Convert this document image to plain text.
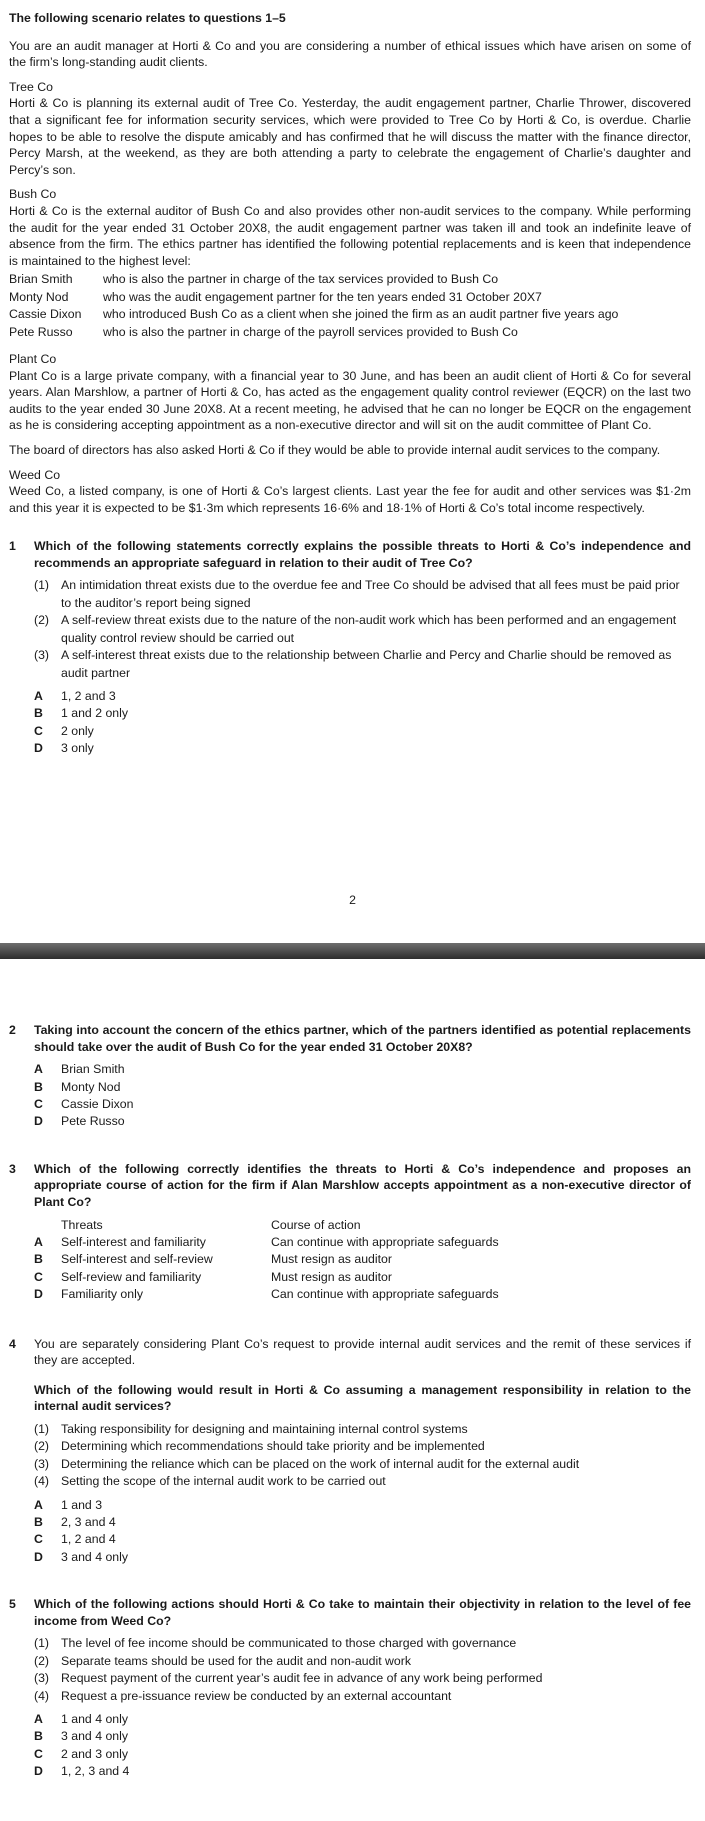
The following scenario relates to questions 1–5

You are an audit manager at Horti & Co and you are considering a number of ethical issues which have arisen on some of the firm’s long-standing audit clients.

Tree Co

Horti & Co is planning its external audit of Tree Co. Yesterday, the audit engagement partner, Charlie Thrower, discovered that a significant fee for information security services, which were provided to Tree Co by Horti & Co, is overdue. Charlie hopes to be able to resolve the dispute amicably and has confirmed that he will discuss the matter with the finance director, Percy Marsh, at the weekend, as they are both attending a party to celebrate the engagement of Charlie’s daughter and Percy’s son.

Bush Co

Horti & Co is the external auditor of Bush Co and also provides other non-audit services to the company. While performing the audit for the year ended 31 October 20X8, the audit engagement partner was taken ill and took an indefinite leave of absence from the firm. The ethics partner has identified the following potential replacements and is keen that independence is maintained to the highest level:

Brian Smith	who is also the partner in charge of the tax services provided to Bush Co
Monty Nod	who was the audit engagement partner for the ten years ended 31 October 20X7
Cassie Dixon	who introduced Bush Co as a client when she joined the firm as an audit partner five years ago
Pete Russo	who is also the partner in charge of the payroll services provided to Bush Co

Plant Co

Plant Co is a large private company, with a financial year to 30 June, and has been an audit client of Horti & Co for several years. Alan Marshlow, a partner of Horti & Co, has acted as the engagement quality control reviewer (EQCR) on the last two audits to the year ended 30 June 20X8. At a recent meeting, he advised that he can no longer be EQCR on the engagement as he is considering accepting appointment as a non-executive director and will sit on the audit committee of Plant Co.

The board of directors has also asked Horti & Co if they would be able to provide internal audit services to the company.

Weed Co

Weed Co, a listed company, is one of Horti & Co’s largest clients. Last year the fee for audit and other services was $1·2m and this year it is expected to be $1·3m which represents 16·6% and 18·1% of Horti & Co’s total income respectively.

1	Which of the following statements correctly explains the possible threats to Horti & Co’s independence and recommends an appropriate safeguard in relation to their audit of Tree Co?

(1) An intimidation threat exists due to the overdue fee and Tree Co should be advised that all fees must be paid prior to the auditor’s report being signed
(2) A self-review threat exists due to the nature of the non-audit work which has been performed and an engagement quality control review should be carried out
(3) A self-interest threat exists due to the relationship between Charlie and Percy and Charlie should be removed as audit partner
A	1, 2 and 3
B	1 and 2 only
C	2 only
D	3 only
2
2	Taking into account the concern of the ethics partner, which of the partners identified as potential replacements should take over the audit of Bush Co for the year ended 31 October 20X8?

A	Brian Smith
B	Monty Nod
C	Cassie Dixon
D	Pete Russo
3	Which of the following correctly identifies the threats to Horti & Co’s independence and proposes an appropriate course of action for the firm if Alan Marshlow accepts appointment as a non-executive director of Plant Co?

Threats	Course of action
A	Self-interest and familiarity	Can continue with appropriate safeguards
B	Self-interest and self-review	Must resign as auditor
C	Self-review and familiarity	Must resign as auditor
D	Familiarity only	Can continue with appropriate safeguards
4	You are separately considering Plant Co’s request to provide internal audit services and the remit of these services if they are accepted.

Which of the following would result in Horti & Co assuming a management responsibility in relation to the internal audit services?

(1) Taking responsibility for designing and maintaining internal control systems
(2) Determining which recommendations should take priority and be implemented
(3) Determining the reliance which can be placed on the work of internal audit for the external audit
(4) Setting the scope of the internal audit work to be carried out
A	1 and 3
B	2, 3 and 4
C	1, 2 and 4
D	3 and 4 only
5	Which of the following actions should Horti & Co take to maintain their objectivity in relation to the level of fee income from Weed Co?

(1) The level of fee income should be communicated to those charged with governance
(2) Separate teams should be used for the audit and non-audit work
(3) Request payment of the current year’s audit fee in advance of any work being performed
(4) Request a pre-issuance review be conducted by an external accountant
A	1 and 4 only
B	3 and 4 only
C	2 and 3 only
D	1, 2, 3 and 4
